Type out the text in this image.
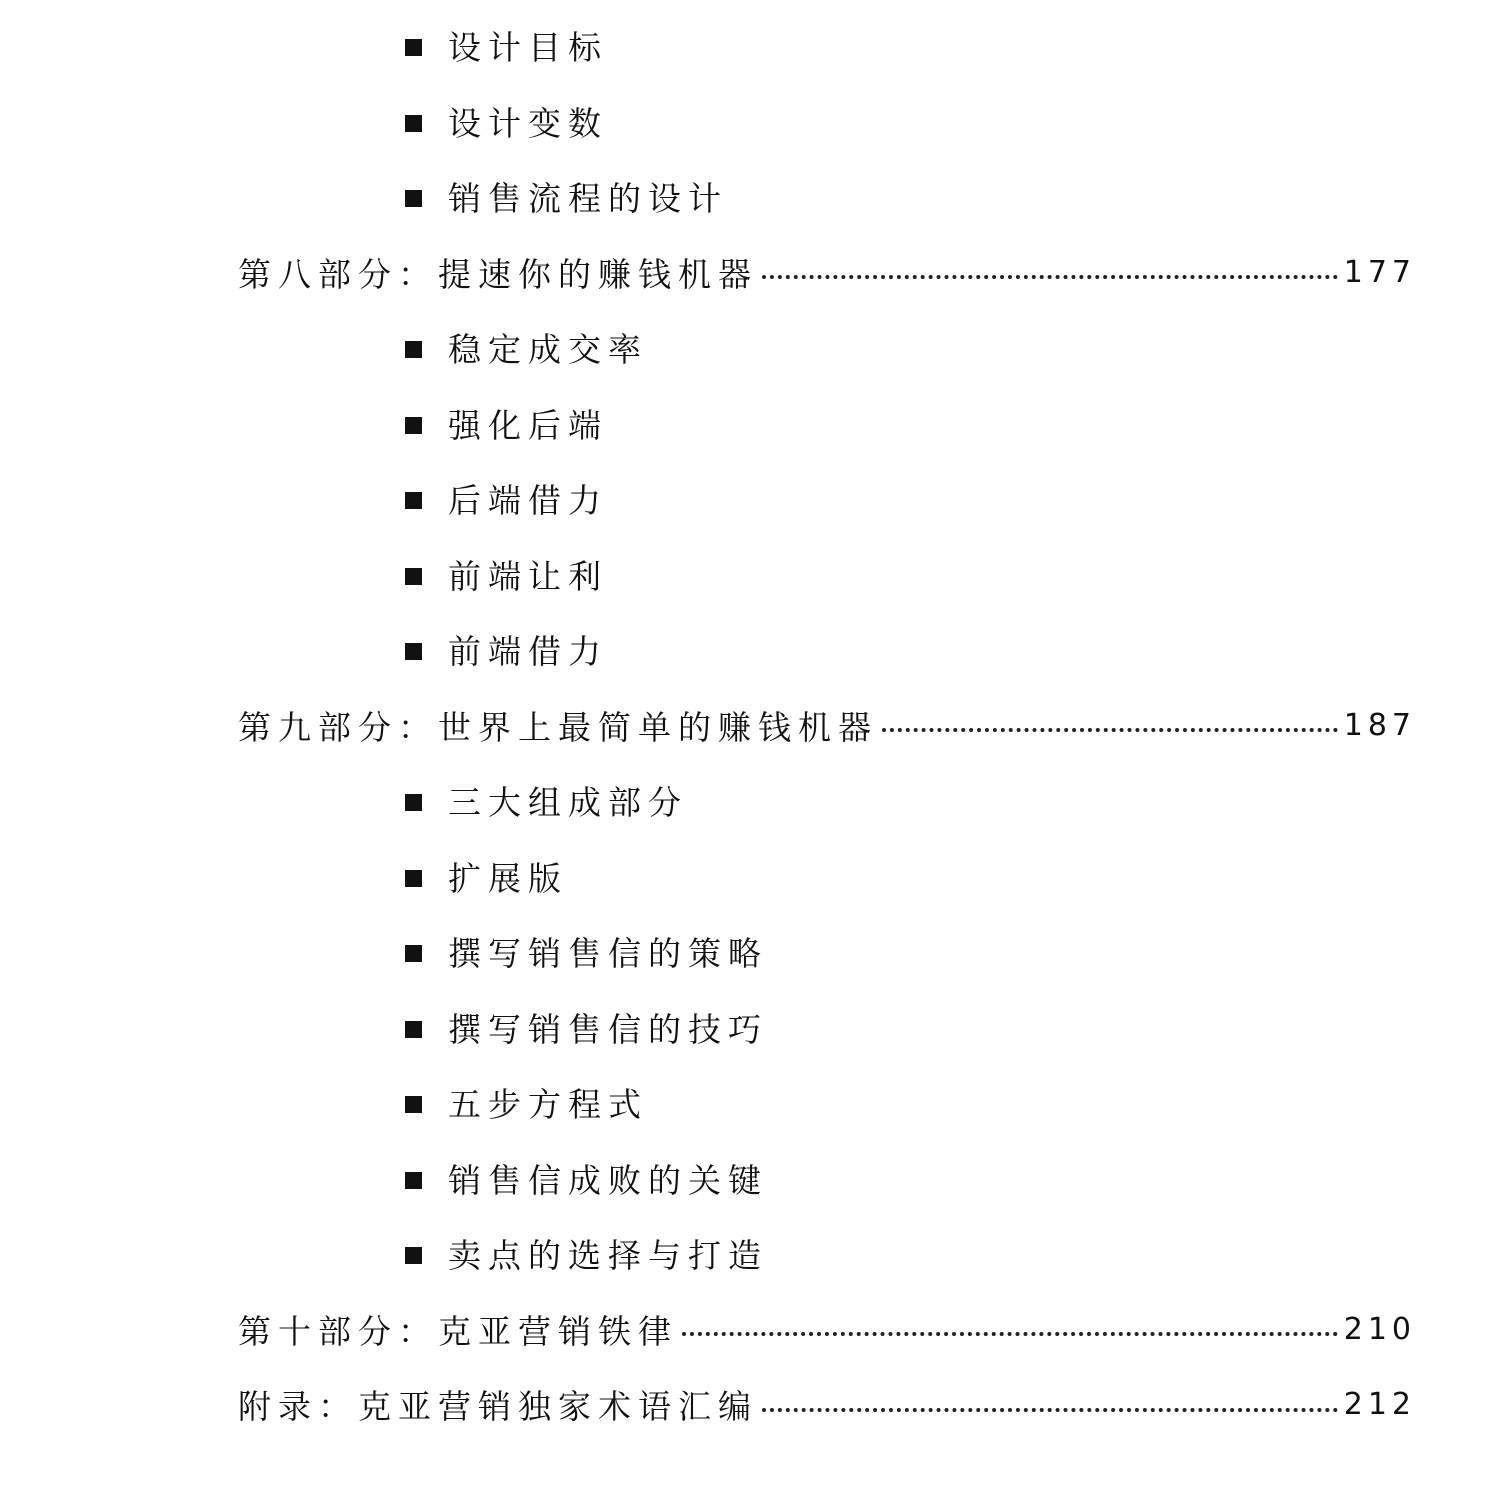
设计目标
设计变数
销售流程的设计
第八部分： 提速你的赚钱机器	177
稳定成交率
强化后端
后端借力
前端让利
前端借力
第九部分： 世界上最简单的赚钱机器	187
三大组成部分
扩展版
撰写销售信的策略
撰写销售信的技巧
五步方程式
销售信成败的关键
卖点的选择与打造
第十部分： 克亚营销铁律	210
附录： 克亚营销独家术语汇编	212
